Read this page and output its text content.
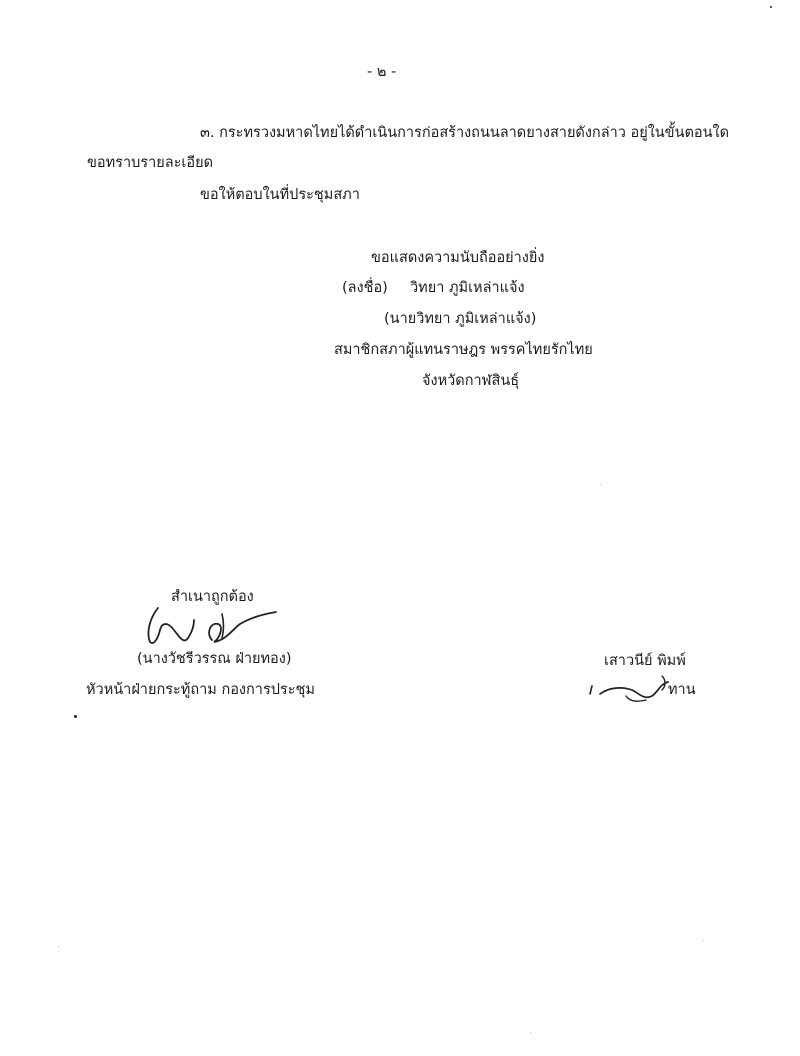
- ๒ -
๓. กระทรวงมหาดไทยได้ดำเนินการก่อสร้างถนนลาดยางสายดังกล่าว อยู่ในขั้นตอนใด
ขอทราบรายละเอียด
ขอให้ตอบในที่ประชุมสภา
ขอแสดงความนับถืออย่างยิ่ง
(ลงชื่อ) วิทยา ภูมิเหล่าแจ้ง
(นายวิทยา ภูมิเหล่าแจ้ง)
สมาชิกสภาผู้แทนราษฎร พรรคไทยรักไทย
จังหวัดกาฬสินธุ์
สำเนาถูกต้อง
(นางวัชรีวรรณ ฝ่ายทอง)
หัวหน้าฝ่ายกระทู้ถาม กองการประชุม
เสาวนีย์ พิมพ์
ทาน
